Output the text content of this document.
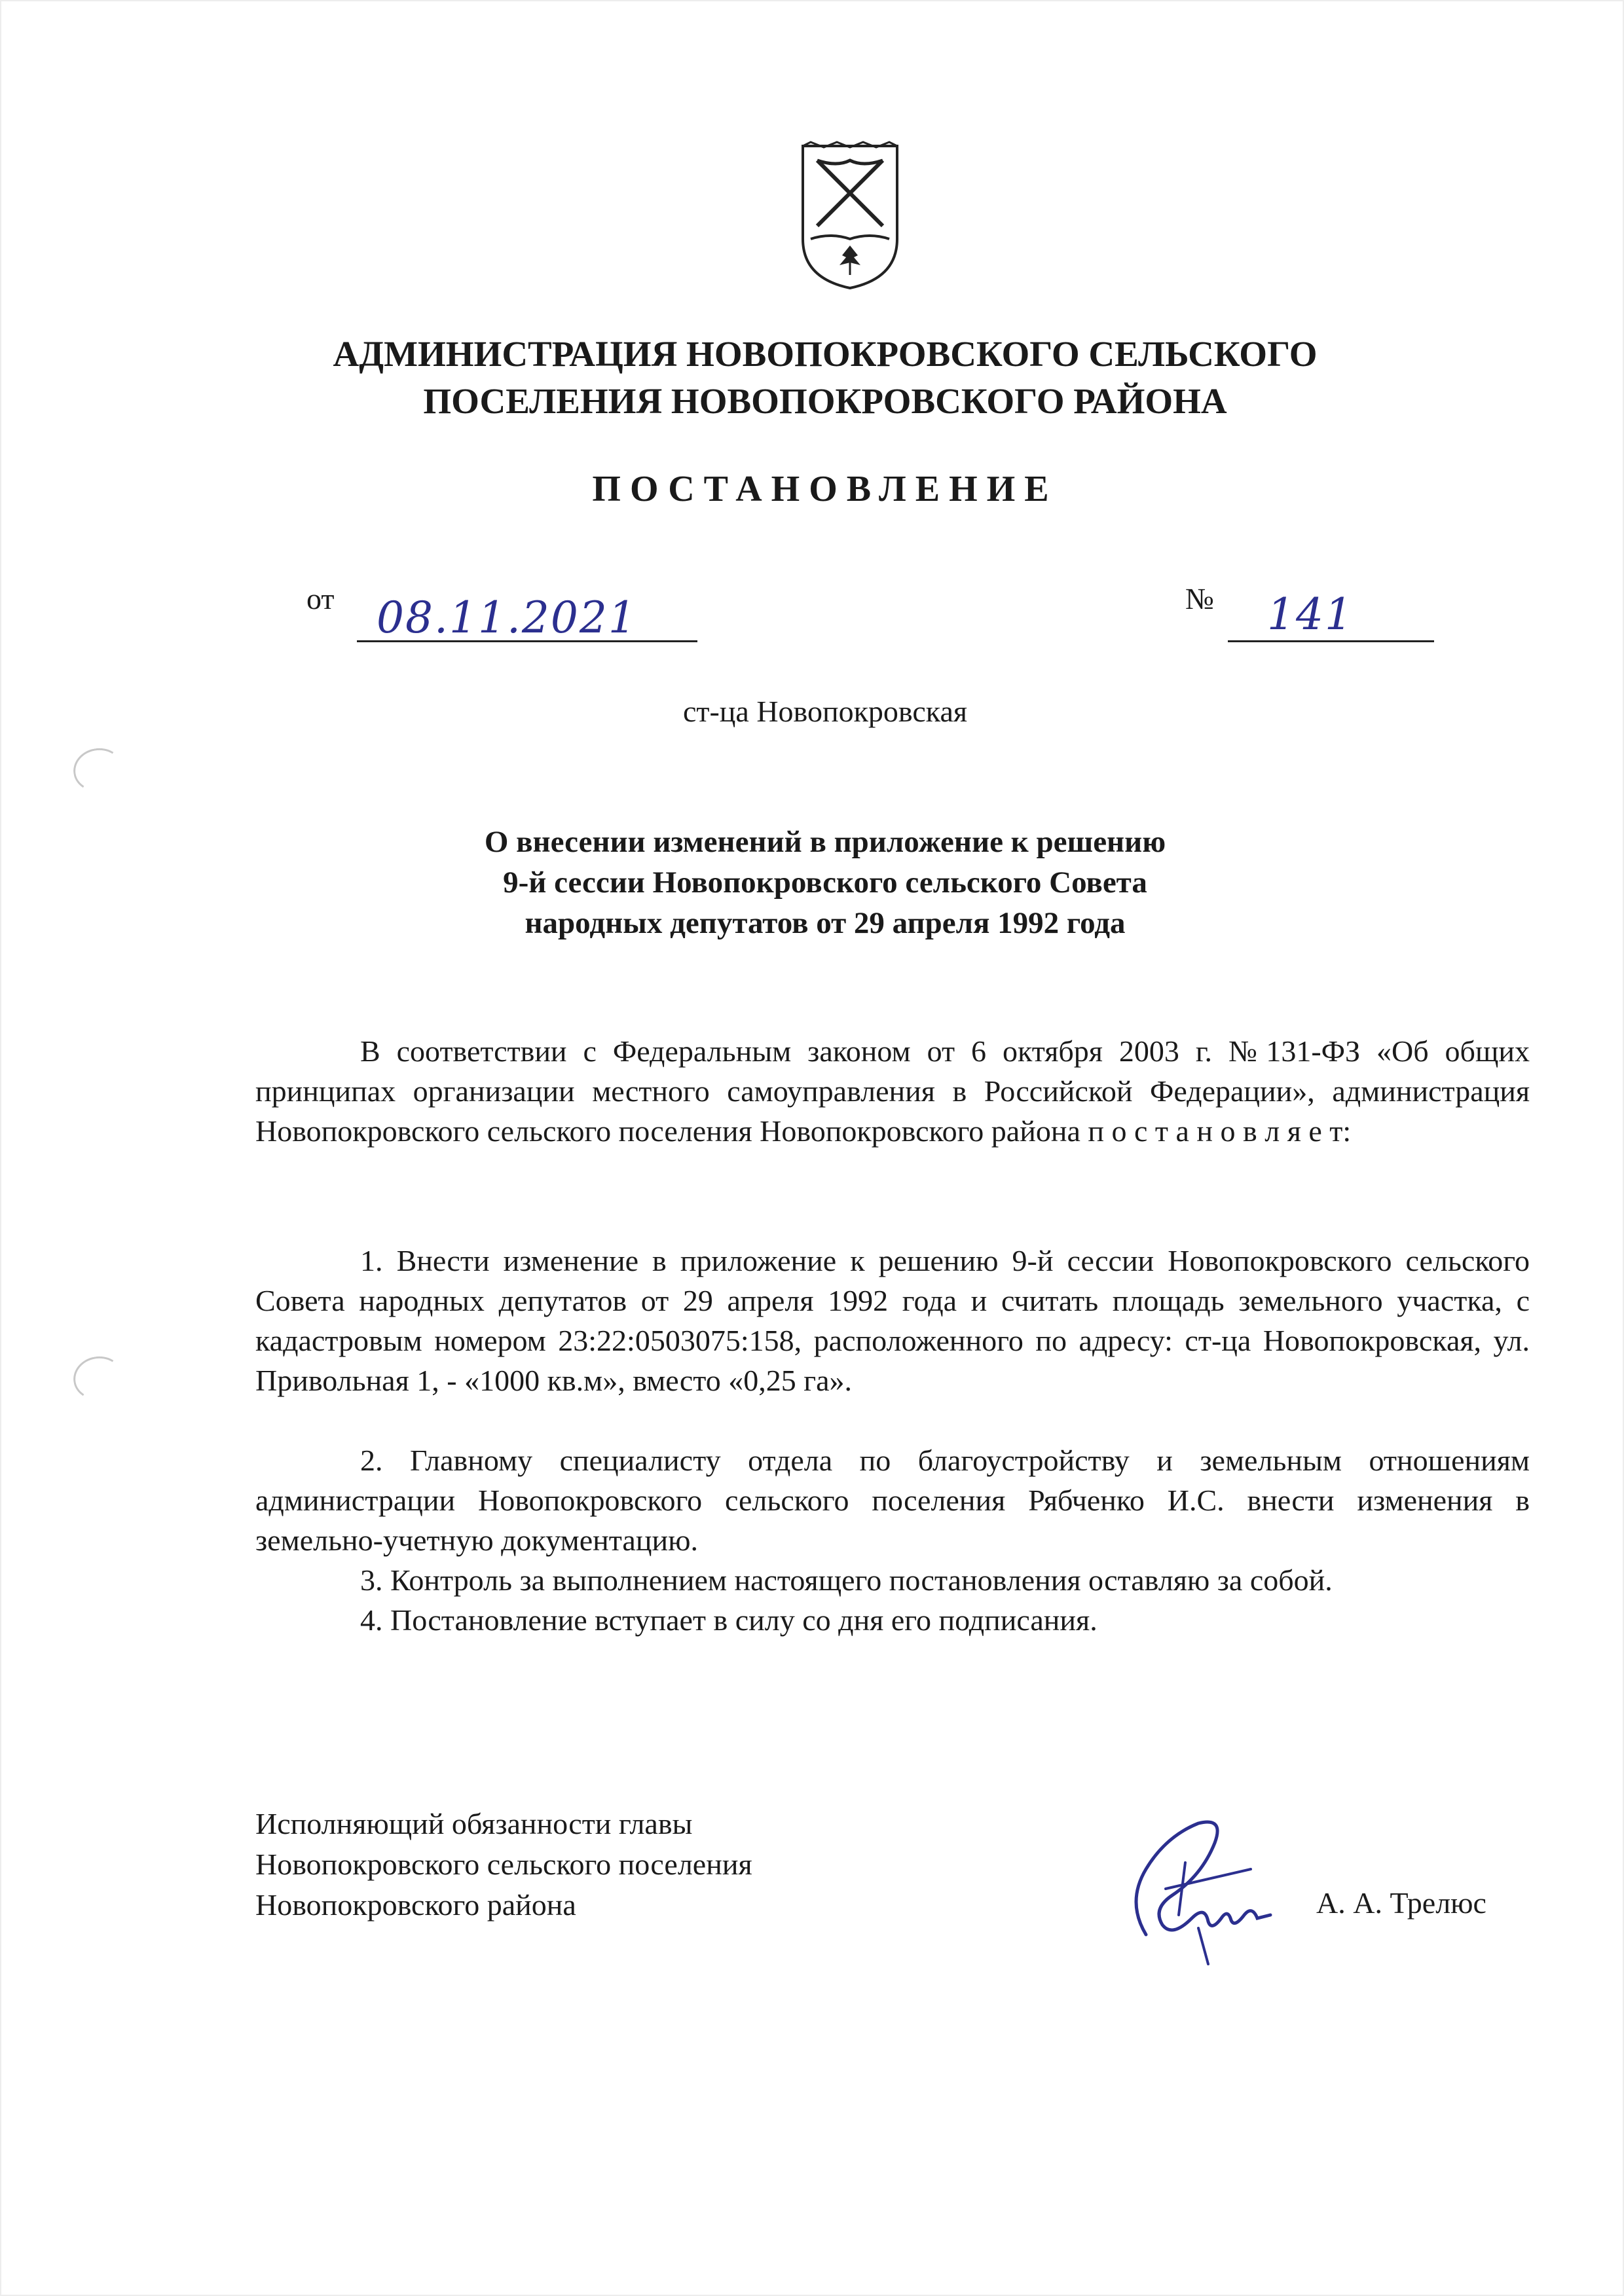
АДМИНИСТРАЦИЯ НОВОПОКРОВСКОГО СЕЛЬСКОГО
ПОСЕЛЕНИЯ НОВОПОКРОВСКОГО РАЙОНА
ПОСТАНОВЛЕНИЕ
от 08.11.2021	№ 141
ст-ца Новопокровская
О внесении изменений в приложение к решению
9-й сессии Новопокровского сельского Совета
народных депутатов от 29 апреля 1992 года

В соответствии с Федеральным законом от 6 октября 2003 г. №131-ФЗ «Об общих принципах организации местного самоуправления в Российской Федерации», администрация Новопокровского сельского поселения Новопокровского района п о с т а н о в л я е т:

1. Внести изменение в приложение к решению 9-й сессии Новопокровского сельского Совета народных депутатов от 29 апреля 1992 года и считать площадь земельного участка, с кадастровым номером 23:22:0503075:158, расположенного по адресу: ст-ца Новопокровская, ул. Привольная 1, - «1000 кв.м», вместо «0,25 га».

2. Главному специалисту отдела по благоустройству и земельным отношениям администрации Новопокровского сельского поселения Рябченко И.С. внести изменения в земельно-учетную документацию.

3. Контроль за выполнением настоящего постановления оставляю за собой.

4. Постановление вступает в силу со дня его подписания.

Исполняющий обязанности главы
Новопокровского сельского поселения
Новопокровского района	А. А. Трелюс
